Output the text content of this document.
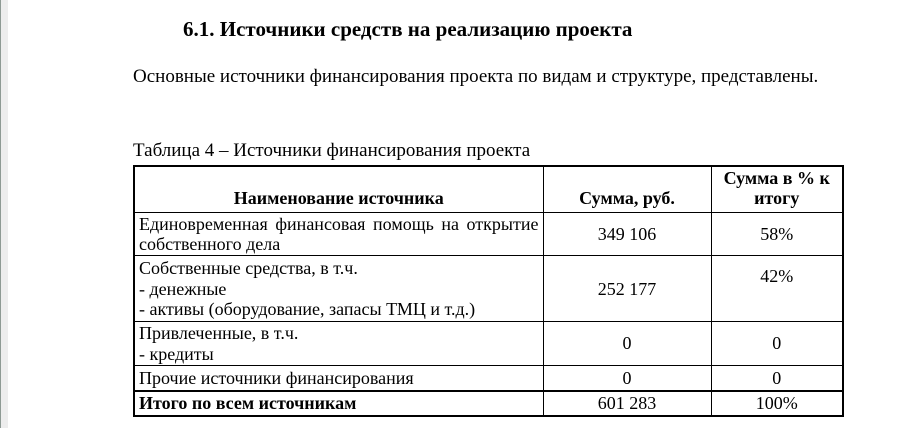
6.1. Источники средств на реализацию проекта
Основные источники финансирования проекта по видам и структуре, представлены.
Таблица 4 – Источники финансирования проекта
Наименование источника	Сумма, руб.	Сумма в % к итогу
Единовременная финансовая помощь на открытие собственного дела	349 106	58%

Собственные средства, в т.ч.
- денежные
- активы (оборудование, запасы ТМЦ и т.д.)	252 177	42%

Привлеченные, в т.ч.
- кредиты	0	0
Прочие источники финансирования	0	0
Итого по всем источникам	601 283	100%
